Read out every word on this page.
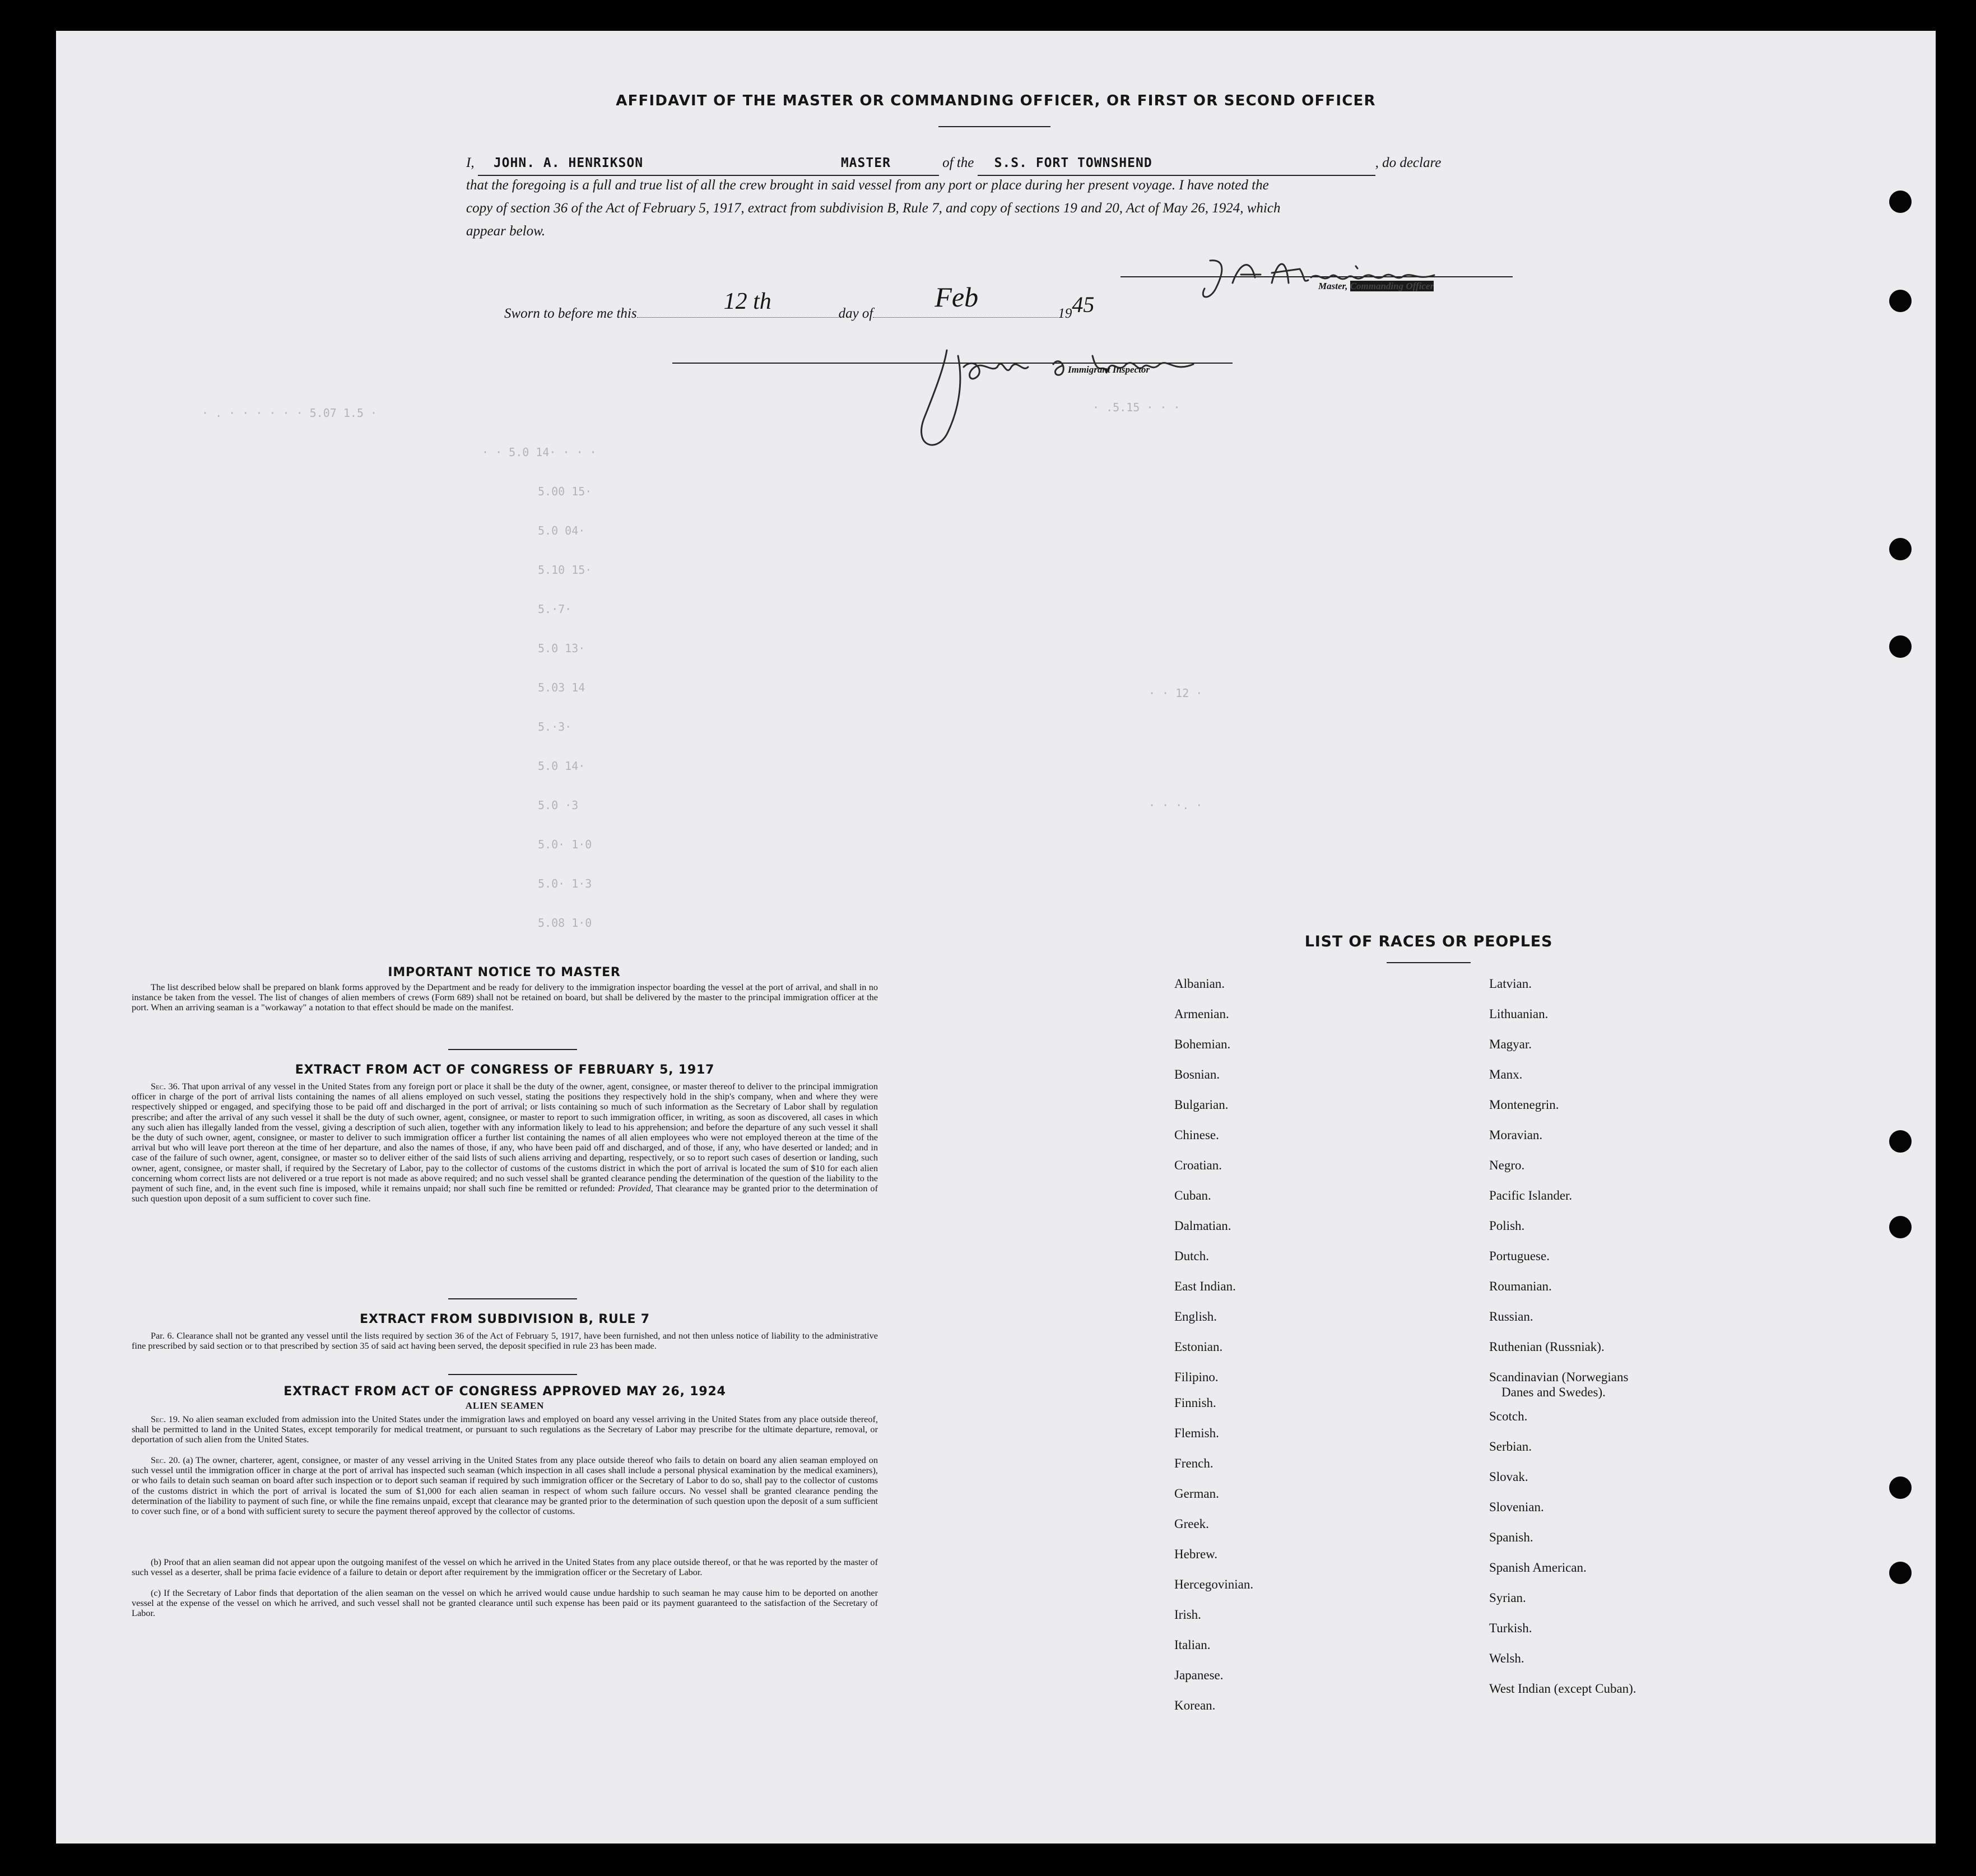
· . · · · · · · 5.07 1.5 ·
· · 5.0 14· · · ·
5.00 15·
5.0 04·
5.10 15·
5.·7·
5.0 13·
5.03 14
5.·3·
5.0 14·
5.0 ·3
5.0· 1·0
5.0· 1·3
5.08 1·0
· .5.15 · · ·
· · 12 ·
· · ·. ·
AFFIDAVIT OF THE MASTER OR COMMANDING OFFICER, OR FIRST OR SECOND OFFICER
I, JOHN. A. HENRIKSON	MASTER	of the S.S. FORT TOWNSHEND	, do declare
that the foregoing is a full and true list of all the crew brought in said vessel from any port or place during her present voyage. I have noted the
copy of section 36 of the Act of February 5, 1917, extract from subdivision B, Rule 7, and copy of sections 19 and 20, Act of May 26, 1924, which
appear below.
Master, Commanding Officer
Sworn to before me this	12 th	day of
Feb
1945
Immigrant Inspector
IMPORTANT NOTICE TO MASTER
The list described below shall be prepared on blank forms approved by the Department and be ready for delivery to the immigration inspector boarding the vessel at the port of arrival, and shall in no instance be taken from the vessel. The list of changes of alien members of crews (Form 689) shall not be retained on board, but shall be delivered by the master to the principal immigration officer at the port. When an arriving seaman is a "workaway" a notation to that effect should be made on the manifest.
EXTRACT FROM ACT OF CONGRESS OF FEBRUARY 5, 1917
Sec. 36. That upon arrival of any vessel in the United States from any foreign port or place it shall be the duty of the owner, agent, consignee, or master thereof to deliver to the principal immigration officer in charge of the port of arrival lists containing the names of all aliens employed on such vessel, stating the positions they respectively hold in the ship's company, when and where they were respectively shipped or engaged, and specifying those to be paid off and discharged in the port of arrival; or lists containing so much of such information as the Secretary of Labor shall by regulation prescribe; and after the arrival of any such vessel it shall be the duty of such owner, agent, consignee, or master to report to such immigration officer, in writing, as soon as discovered, all cases in which any such alien has illegally landed from the vessel, giving a description of such alien, together with any information likely to lead to his apprehension; and before the departure of any such vessel it shall be the duty of such owner, agent, consignee, or master to deliver to such immigration officer a further list containing the names of all alien employees who were not employed thereon at the time of the arrival but who will leave port thereon at the time of her departure, and also the names of those, if any, who have been paid off and discharged, and of those, if any, who have deserted or landed; and in case of the failure of such owner, agent, consignee, or master so to deliver either of the said lists of such aliens arriving and departing, respectively, or so to report such cases of desertion or landing, such owner, agent, consignee, or master shall, if required by the Secretary of Labor, pay to the collector of customs of the customs district in which the port of arrival is located the sum of $10 for each alien concerning whom correct lists are not delivered or a true report is not made as above required; and no such vessel shall be granted clearance pending the determination of the question of the liability to the payment of such fine, and, in the event such fine is imposed, while it remains unpaid; nor shall such fine be remitted or refunded: Provided, That clearance may be granted prior to the determination of such question upon deposit of a sum sufficient to cover such fine.
EXTRACT FROM SUBDIVISION B, RULE 7
Par. 6. Clearance shall not be granted any vessel until the lists required by section 36 of the Act of February 5, 1917, have been furnished, and not then unless notice of liability to the administrative fine prescribed by said section or to that prescribed by section 35 of said act having been served, the deposit specified in rule 23 has been made.
EXTRACT FROM ACT OF CONGRESS APPROVED MAY 26, 1924
ALIEN SEAMEN
Sec. 19. No alien seaman excluded from admission into the United States under the immigration laws and employed on board any vessel arriving in the United States from any place outside thereof, shall be permitted to land in the United States, except temporarily for medical treatment, or pursuant to such regulations as the Secretary of Labor may prescribe for the ultimate departure, removal, or deportation of such alien from the United States.
Sec. 20. (a) The owner, charterer, agent, consignee, or master of any vessel arriving in the United States from any place outside thereof who fails to detain on board any alien seaman employed on such vessel until the immigration officer in charge at the port of arrival has inspected such seaman (which inspection in all cases shall include a personal physical examination by the medical examiners), or who fails to detain such seaman on board after such inspection or to deport such seaman if required by such immigration officer or the Secretary of Labor to do so, shall pay to the collector of customs of the customs district in which the port of arrival is located the sum of $1,000 for each alien seaman in respect of whom such failure occurs. No vessel shall be granted clearance pending the determination of the liability to payment of such fine, or while the fine remains unpaid, except that clearance may be granted prior to the determination of such question upon the deposit of a sum sufficient to cover such fine, or of a bond with sufficient surety to secure the payment thereof approved by the collector of customs.
(b) Proof that an alien seaman did not appear upon the outgoing manifest of the vessel on which he arrived in the United States from any place outside thereof, or that he was reported by the master of such vessel as a deserter, shall be prima facie evidence of a failure to detain or deport after requirement by the immigration officer or the Secretary of Labor.
(c) If the Secretary of Labor finds that deportation of the alien seaman on the vessel on which he arrived would cause undue hardship to such seaman he may cause him to be deported on another vessel at the expense of the vessel on which he arrived, and such vessel shall not be granted clearance until such expense has been paid or its payment guaranteed to the satisfaction of the Secretary of Labor.
LIST OF RACES OR PEOPLES
Albanian.
Armenian.
Bohemian.
Bosnian.
Bulgarian.
Chinese.
Croatian.
Cuban.
Dalmatian.
Dutch.
East Indian.
English.
Estonian.
Filipino.
Finnish.
Flemish.
French.
German.
Greek.
Hebrew.
Hercegovinian.
Irish.
Italian.
Japanese.
Korean.
Latvian.
Lithuanian.
Magyar.
Manx.
Montenegrin.
Moravian.
Negro.
Pacific Islander.
Polish.
Portuguese.
Roumanian.
Russian.
Ruthenian (Russniak).
Scandinavian (Norwegians
Danes and Swedes).
Scotch.
Serbian.
Slovak.
Slovenian.
Spanish.
Spanish American.
Syrian.
Turkish.
Welsh.
West Indian (except Cuban).
